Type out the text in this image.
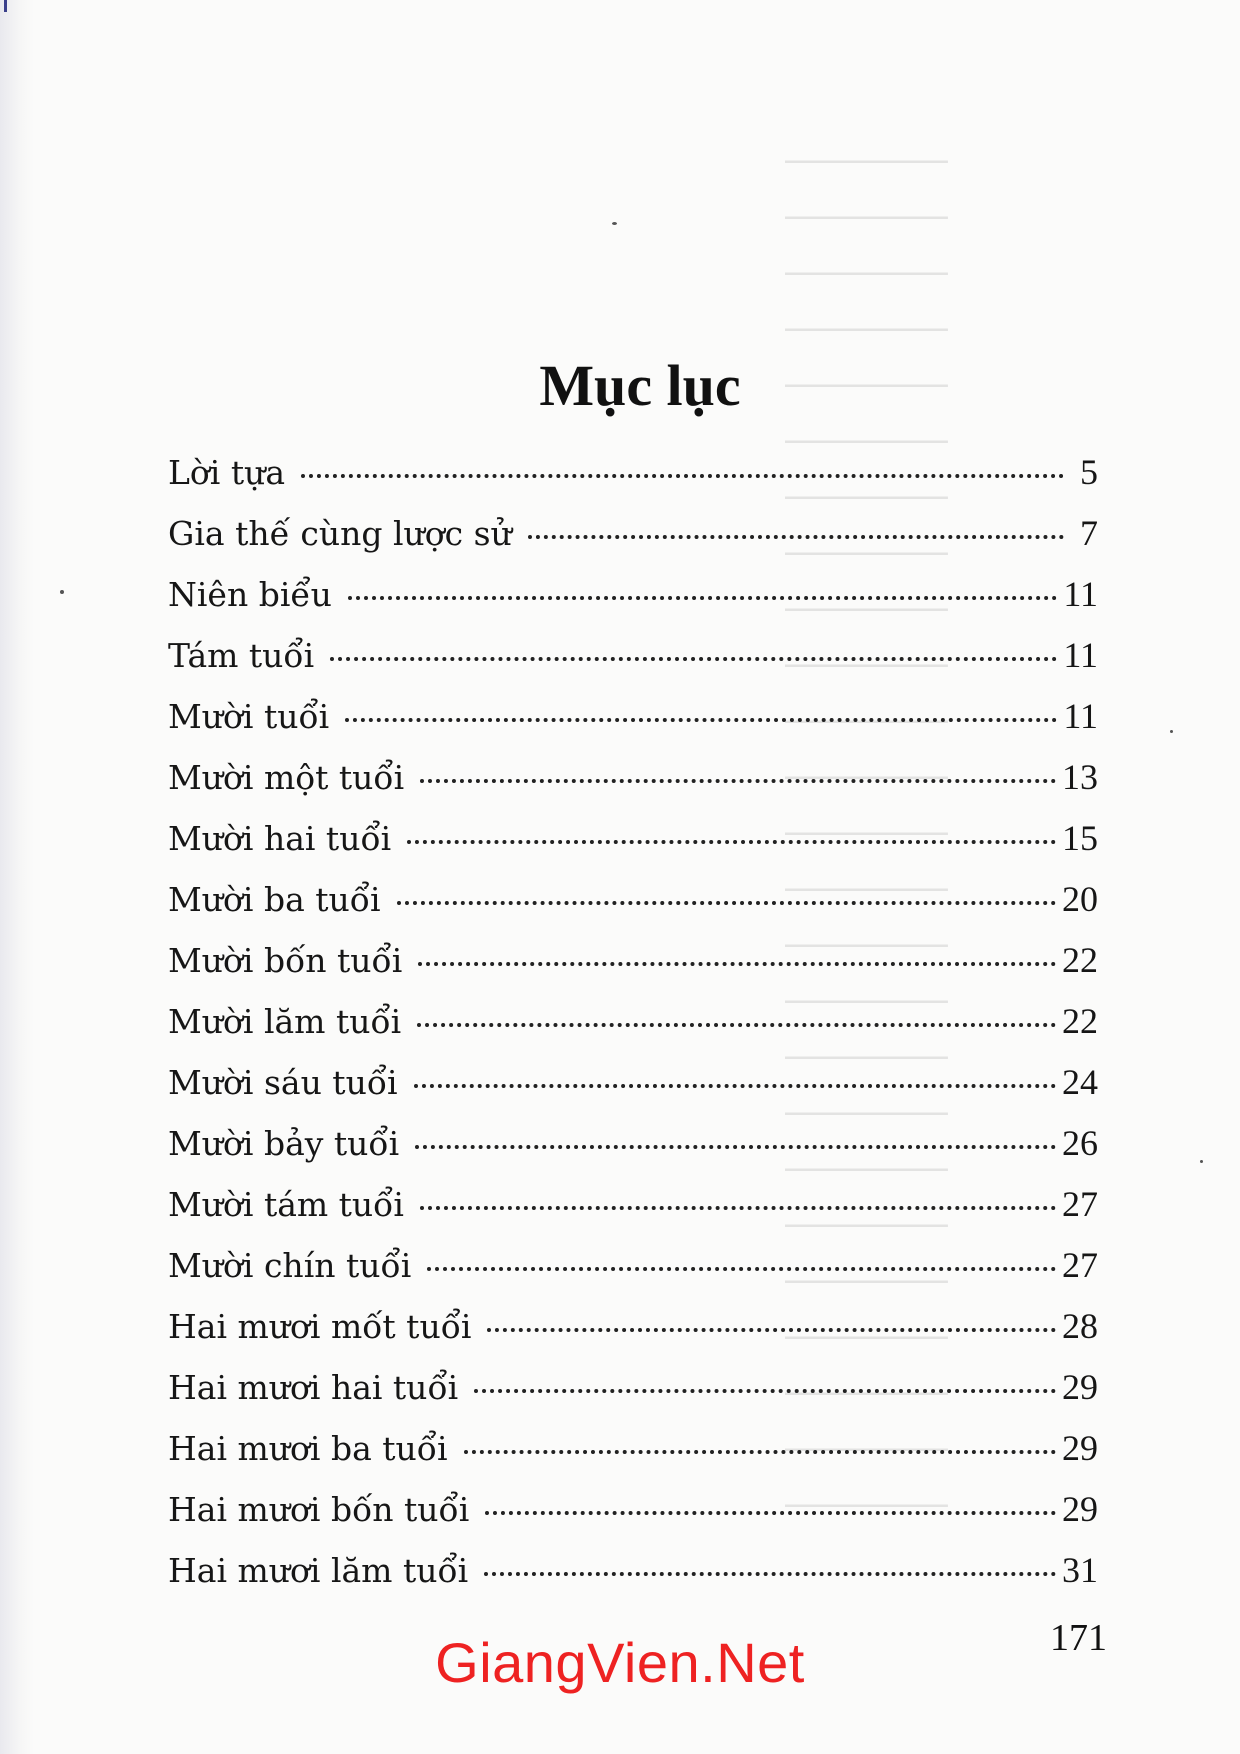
─────────
─────────
─────────
─────────
─────────
─────────
─────────
─────────
─────────
─────────
─────────
─────────
─────────
─────────
─────────
─────────
─────────
─────────
─────────
─────────
─────────
─────────
─────────
─────────
─────────
Mục lục
Lời tựa	5
Gia thế cùng lược sử	7
Niên biểu	11
Tám tuổi	11
Mười tuổi	11
Mười một tuổi	13
Mười hai tuổi	15
Mười ba tuổi	20
Mười bốn tuổi	22
Mười lăm tuổi	22
Mười sáu tuổi	24
Mười bảy tuổi	26
Mười tám tuổi	27
Mười chín tuổi	27
Hai mươi mốt tuổi	28
Hai mươi hai tuổi	29
Hai mươi ba tuổi	29
Hai mươi bốn tuổi	29
Hai mươi lăm tuổi	31
171
GiangVien.Net
